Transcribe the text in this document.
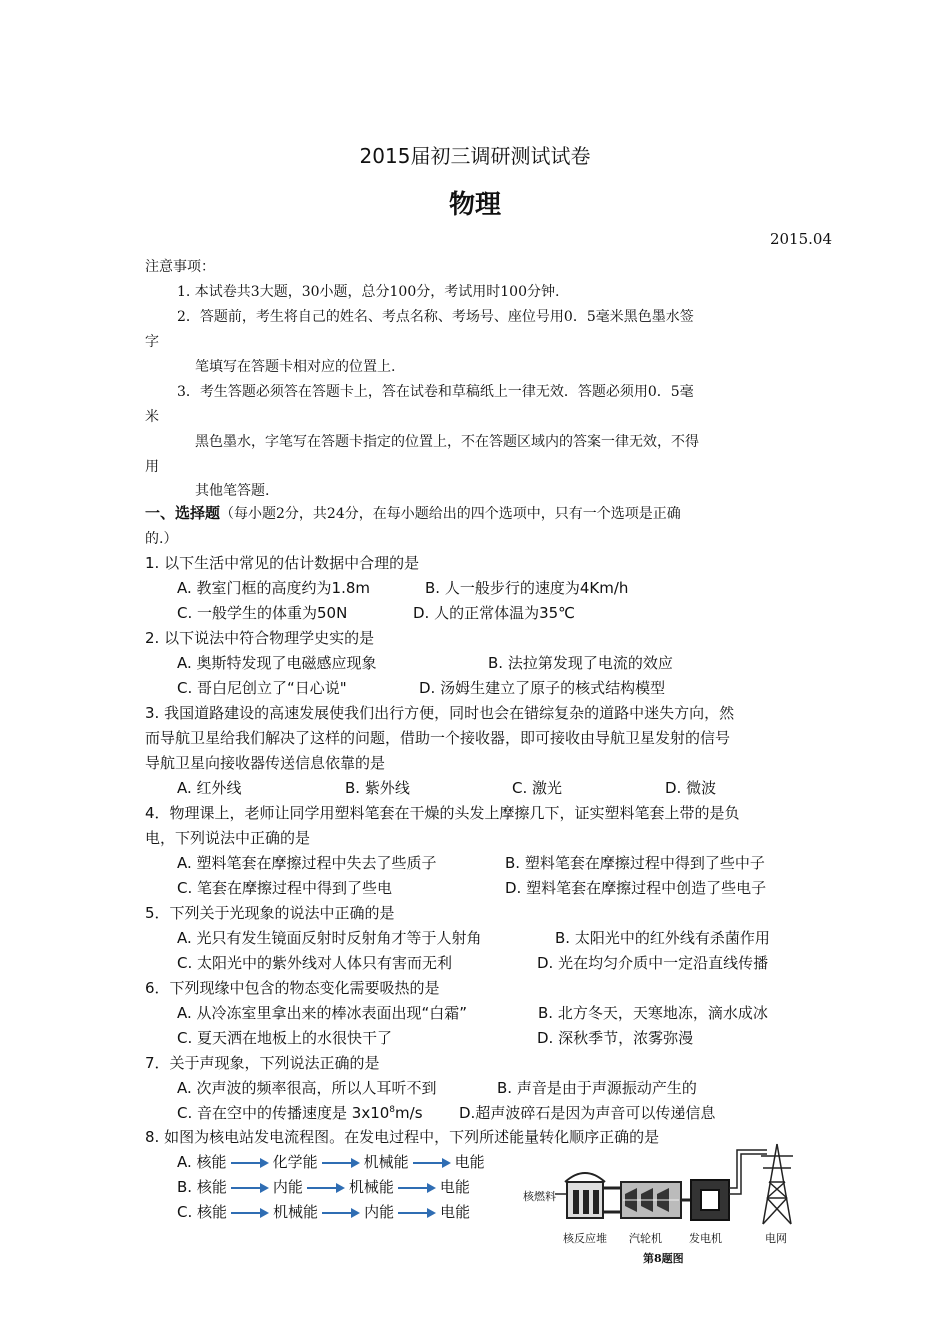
2015届初三调研测试试卷
物理
2015.04
注意事项：
1. 本试卷共3大题，30小题，总分100分，考试用时100分钟.
2．答题前，考生将自己的姓名、考点名称、考场号、座位号用0．5毫米黑色墨水签
字
笔填写在答题卡相对应的位置上.
3．考生答题必须答在答题卡上，答在试卷和草稿纸上一律无效．答题必须用0．5毫
米
黑色墨水，字笔写在答题卡指定的位置上，不在答题区域内的答案一律无效，不得
用
其他笔答题.
一、选择题（每小题2分，共24分，在每小题给出的四个选项中，只有一个选项是正确
的.）
1. 以下生活中常见的估计数据中合理的是
A. 教室门框的高度约为1.8m	B. 人一般步行的速度为4Km/h
C. 一般学生的体重为50N	D. 人的正常体温为35℃
2. 以下说法中符合物理学史实的是
A. 奥斯特发现了电磁感应现象	B. 法拉第发现了电流的效应
C. 哥白尼创立了“日心说"	D. 汤姆生建立了原子的核式结构模型
3. 我国道路建设的高速发展使我们出行方便，同时也会在错综复杂的道路中迷失方向，然
而导航卫星给我们解决了这样的问题，借助一个接收器，即可接收由导航卫星发射的信号
导航卫星向接收器传送信息依靠的是
A. 红外线	B. 紫外线	C. 激光	D. 微波
4．物理课上，老师让同学用塑料笔套在干燥的头发上摩擦几下，证实塑料笔套上带的是负
电，下列说法中正确的是
A. 塑料笔套在摩擦过程中失去了些质子	B. 塑料笔套在摩擦过程中得到了些中子
C. 笔套在摩擦过程中得到了些电	D. 塑料笔套在摩擦过程中创造了些电子
5．下列关于光现象的说法中正确的是
A. 光只有发生镜面反射时反射角才等于人射角	B. 太阳光中的红外线有杀菌作用
C. 太阳光中的紫外线对人体只有害而无利	D. 光在均匀介质中一定沿直线传播
6．下列现缘中包含的物态变化需要吸热的是
A. 从冷冻室里拿出来的棒冰表面出现“白霜”	B. 北方冬天，天寒地冻，滴水成冰
C. 夏天洒在地板上的水很快干了	D. 深秋季节，浓雾弥漫
7．关于声现象，下列说法正确的是
A. 次声波的频率很高，所以人耳听不到	B. 声音是由于声源振动产生的
C. 音在空中的传播速度是 $3x10^8m/s$ D.超声波碎石是因为声音可以传递信息
8. 如图为核电站发电流程图。在发电过程中，下列所述能量转化顺序正确的是
A. 核能	化学能	机械能	电能
B. 核能	内能	机械能	电能
C. 核能	机械能	内能	电能
核燃料
核反应堆 汽轮机 发电机	电网
第8题图
